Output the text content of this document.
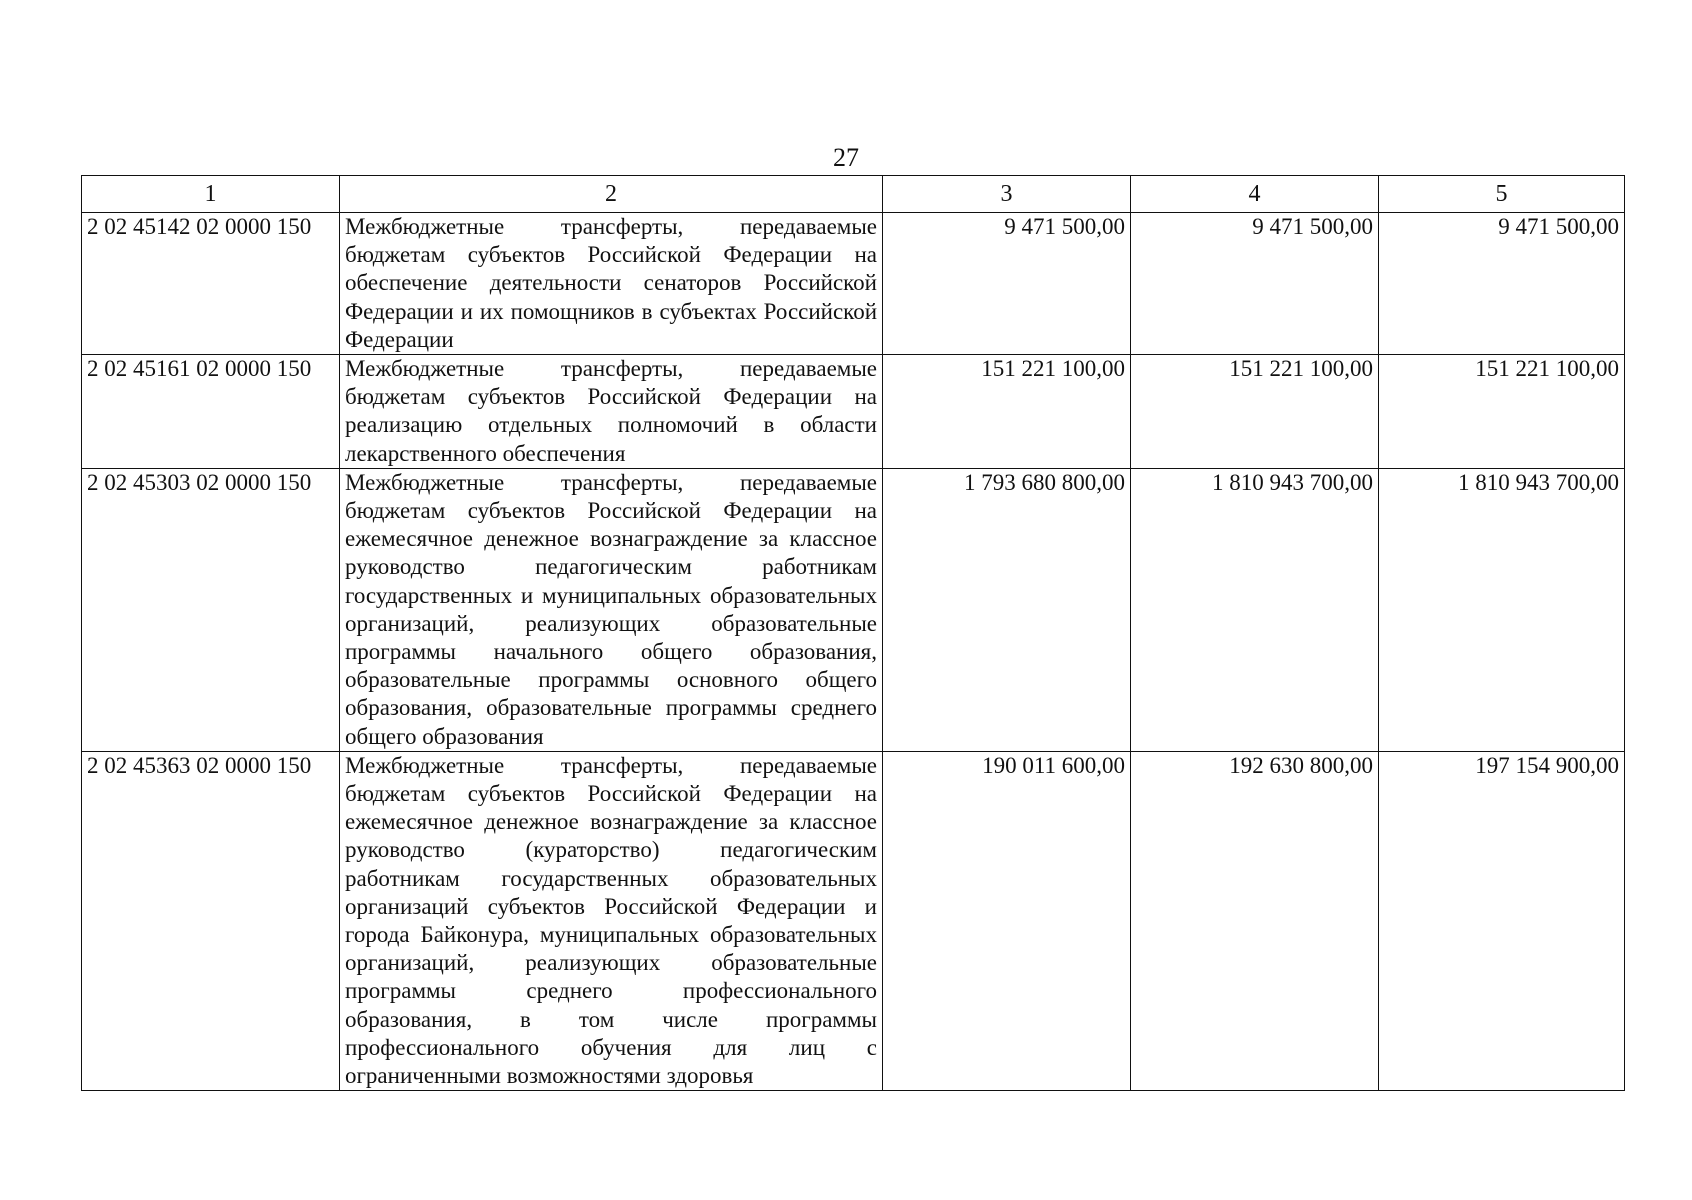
27
1	2	3	4	5
2 02 45142 02 0000 150	Межбюджетные трансферты, передаваемые бюджетам субъектов Российской Федерации на обеспечение деятельности сенаторов Российской Федерации и их помощников в субъектах Российской Федерации	9 471 500,00	9 471 500,00	9 471 500,00
2 02 45161 02 0000 150	Межбюджетные трансферты, передаваемые бюджетам субъектов Российской Федерации на реализацию отдельных полномочий в области лекарственного обеспечения	151 221 100,00	151 221 100,00	151 221 100,00
2 02 45303 02 0000 150	Межбюджетные трансферты, передаваемые бюджетам субъектов Российской Федерации на ежемесячное денежное вознаграждение за классное руководство педагогическим работникам государственных и муниципальных образовательных организаций, реализующих образовательные программы начального общего образования, образовательные программы основного общего образования, образовательные программы среднего общего образования	1 793 680 800,00	1 810 943 700,00	1 810 943 700,00
2 02 45363 02 0000 150	Межбюджетные трансферты, передаваемые бюджетам субъектов Российской Федерации на ежемесячное денежное вознаграждение за классное руководство (кураторство) педагогическим работникам государственных образовательных организаций субъектов Российской Федерации и города Байконура, муниципальных образовательных организаций, реализующих образовательные программы среднего профессионального образования, в том числе программы профессионального обучения для лиц с ограниченными возможностями здоровья	190 011 600,00	192 630 800,00	197 154 900,00
